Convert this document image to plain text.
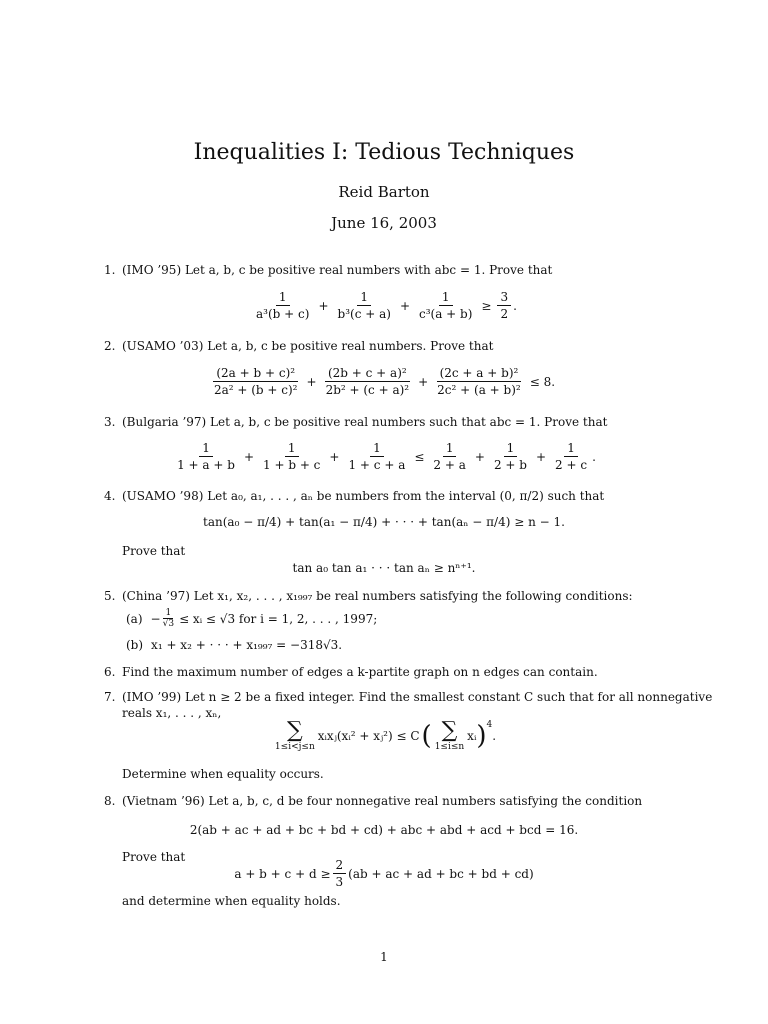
Inequalities I: Tedious Techniques
Reid Barton
June 16, 2003
1. (IMO ’95) Let a, b, c be positive real numbers with abc = 1. Prove that
$\frac{1}{\text{a³(b + c)}} + \frac{1}{\text{b³(c + a)}} + \frac{1}{\text{c³(a + b)}} \ge \frac{3}{2}$ .
2. (USAMO ’03) Let a, b, c be positive real numbers. Prove that
$\frac{\text{(2a + b + c)²}}{\text{2a² + (b + c)²}} + \frac{\text{(2b + c + a)²}}{\text{2b² + (c + a)²}} + \frac{\text{(2c + a + b)²}}{\text{2c² + (a + b)²}} \le 8$.
3. (Bulgaria ’97) Let a, b, c be positive real numbers such that abc = 1. Prove that
$\frac{1}{1 + a + b} + \frac{1}{1 + b + c} + \frac{1}{1 + c + a} \le \frac{1}{2 + a} + \frac{1}{2 + b} + \frac{1}{2 + c}$ .
4. (USAMO ’98) Let a₀, a₁, . . . , aₙ be numbers from the interval (0, π/2) such that
tan(a₀ − π/4) + tan(a₁ − π/4) + · · · + tan(aₙ − π/4) ≥ n − 1.
Prove that
tan a₀ tan a₁ · · · tan aₙ ≥ nⁿ⁺¹.
5. (China ’97) Let x₁, x₂, . . . , x₁₉₉₇ be real numbers satisfying the following conditions:
$(a) - \frac{1}{√3}$ ≤ xᵢ ≤ √3 for i = 1, 2, . . . , 1997;
(b) x₁ + x₂ + · · · + x₁₉₉₇ = −318√3.
6. Find the maximum number of edges a k-partite graph on n edges can contain.
7. (IMO ’99) Let n ≥ 2 be a fixed integer. Find the smallest constant C such that for all nonnegative
reals x₁, . . . , xₙ,
∑
1≤i<j≤n
xᵢxⱼ(xᵢ² + xⱼ²) ≤ C ( ∑
1≤i≤n
xᵢ ) 4
.
Determine when equality occurs.
8. (Vietnam ’96) Let a, b, c, d be four nonnegative real numbers satisfying the condition
2(ab + ac + ad + bc + bd + cd) + abc + abd + acd + bcd = 16.
Prove that
$a + b + c + d \ge \frac{2}{3} (ab$ + ac + ad + bc + bd + cd)
and determine when equality holds.
1
